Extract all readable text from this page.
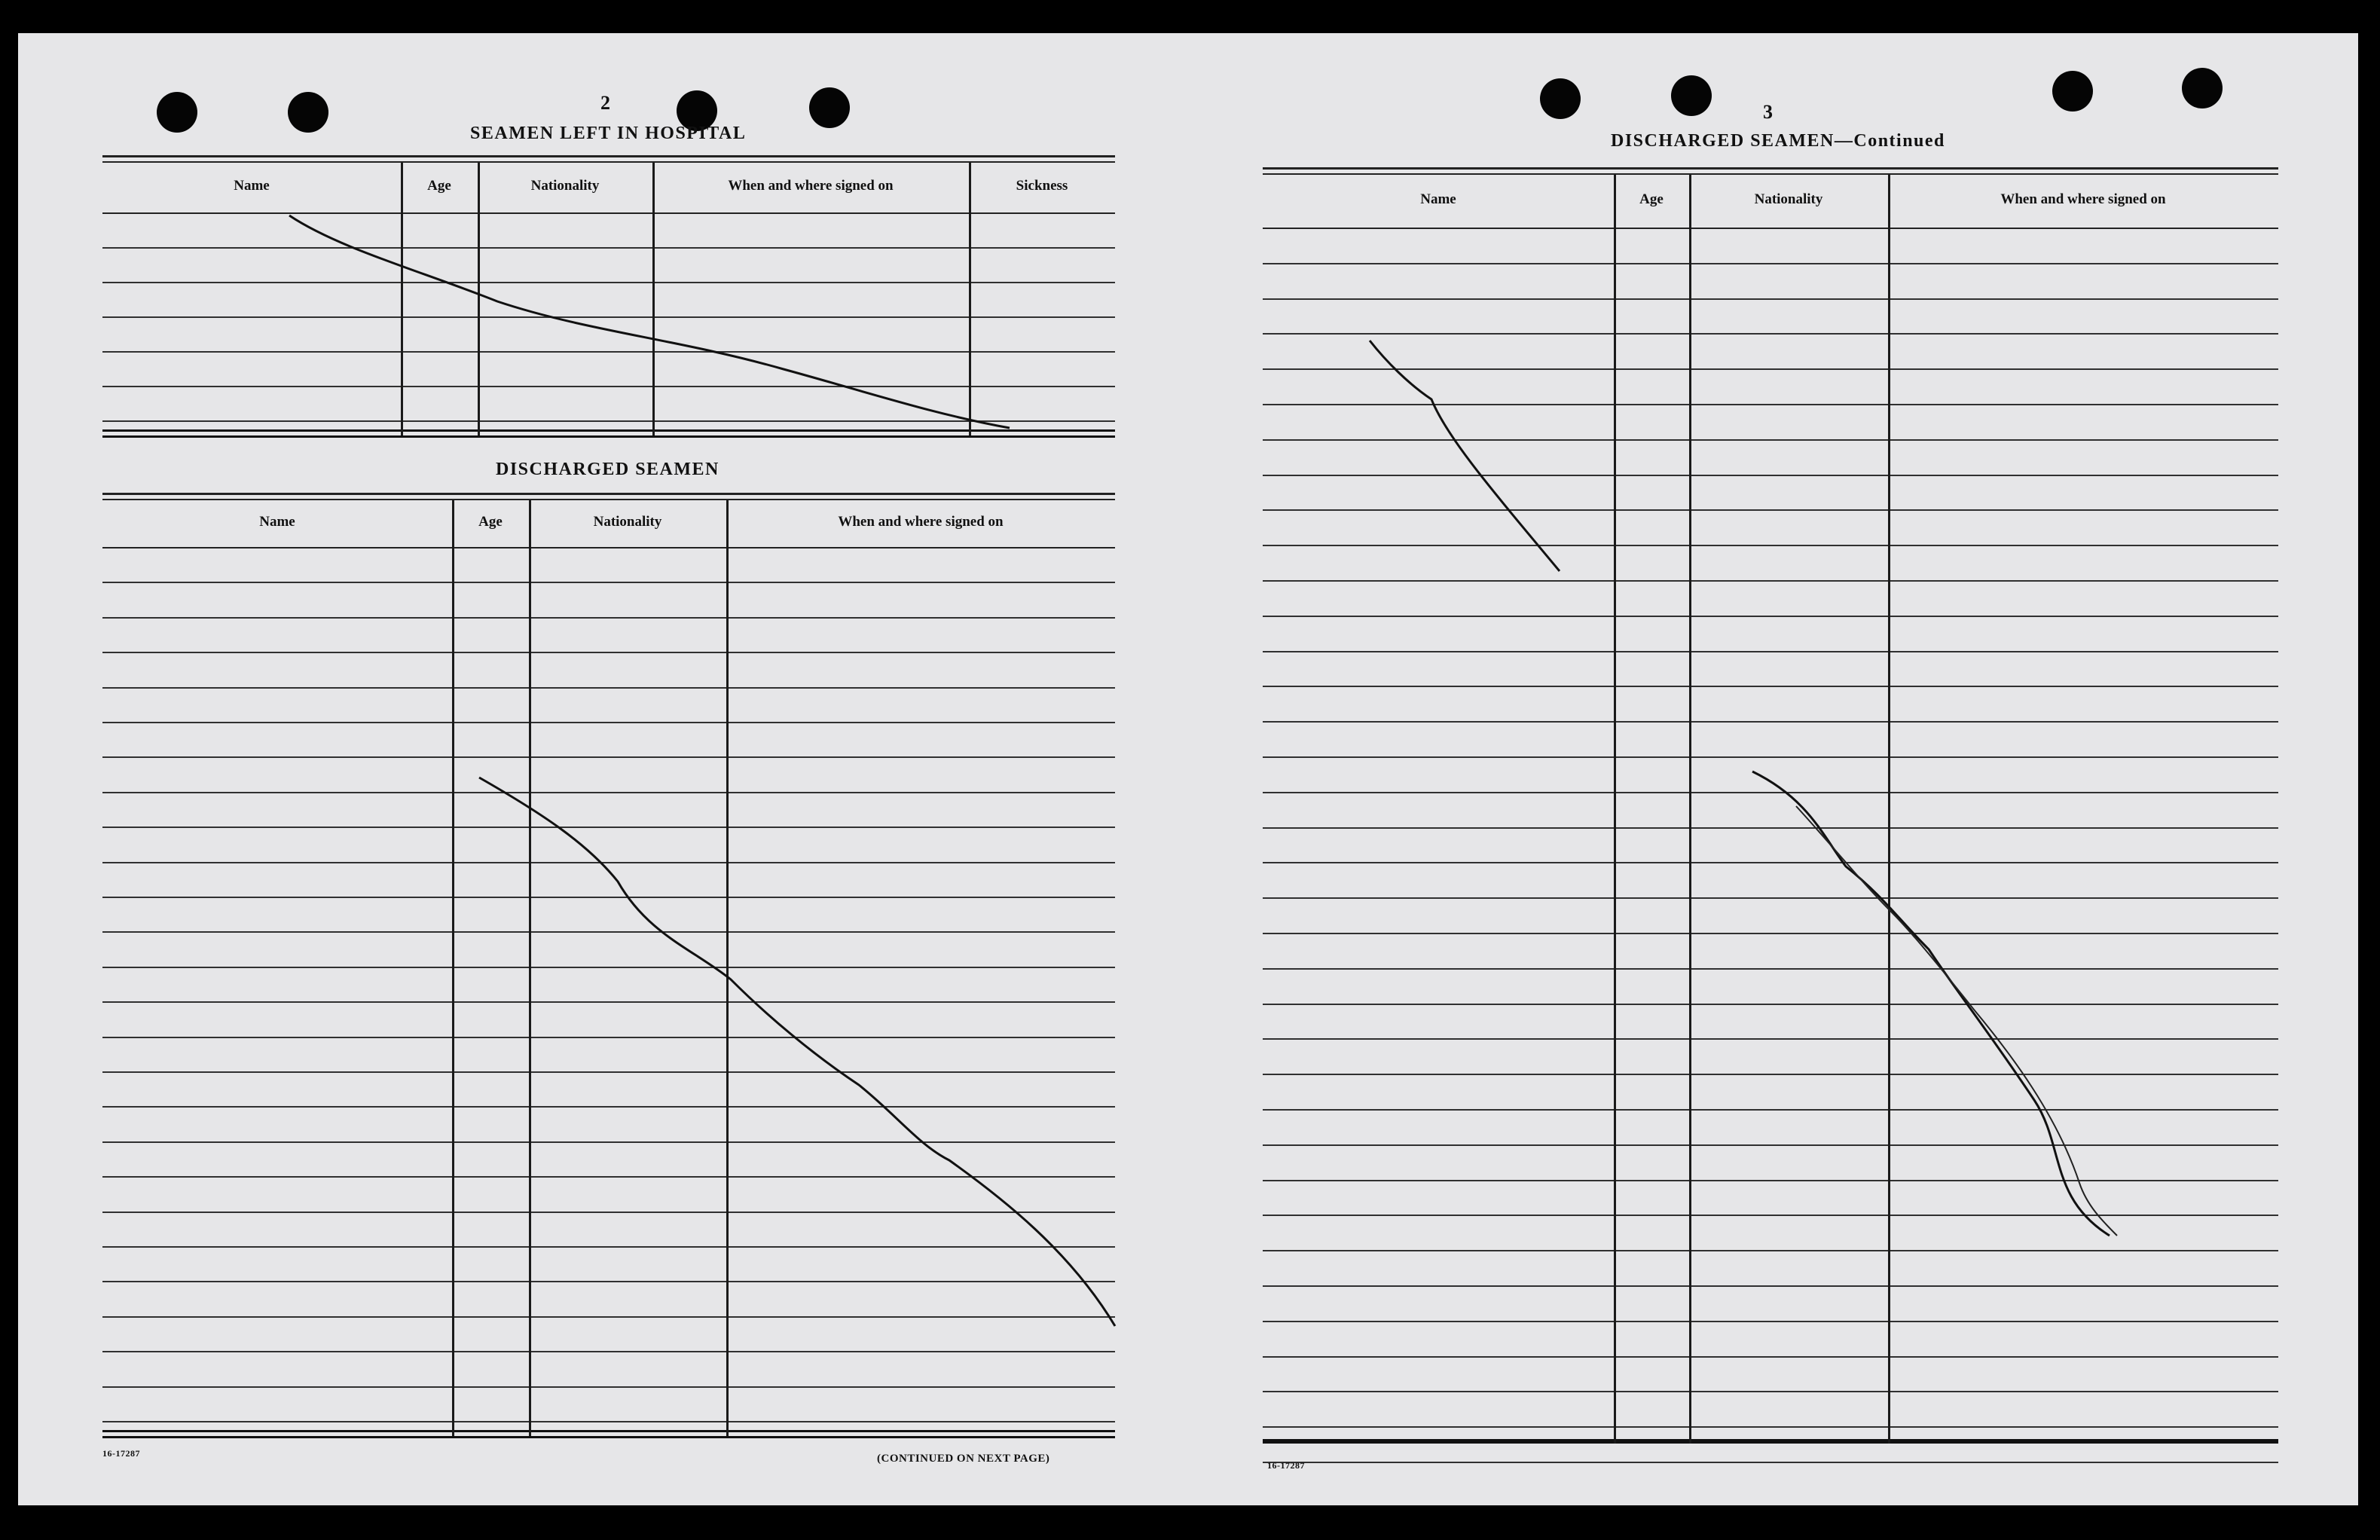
2
SEAMEN LEFT IN HOSPITAL
Name	Age	Nationality	When and where signed on	Sickness
DISCHARGED SEAMEN
Name	Age	Nationality	When and where signed on
16-17287	(CONTINUED ON NEXT PAGE)
3
DISCHARGED SEAMEN—Continued
Name	Age	Nationality	When and where signed on
16-17287
